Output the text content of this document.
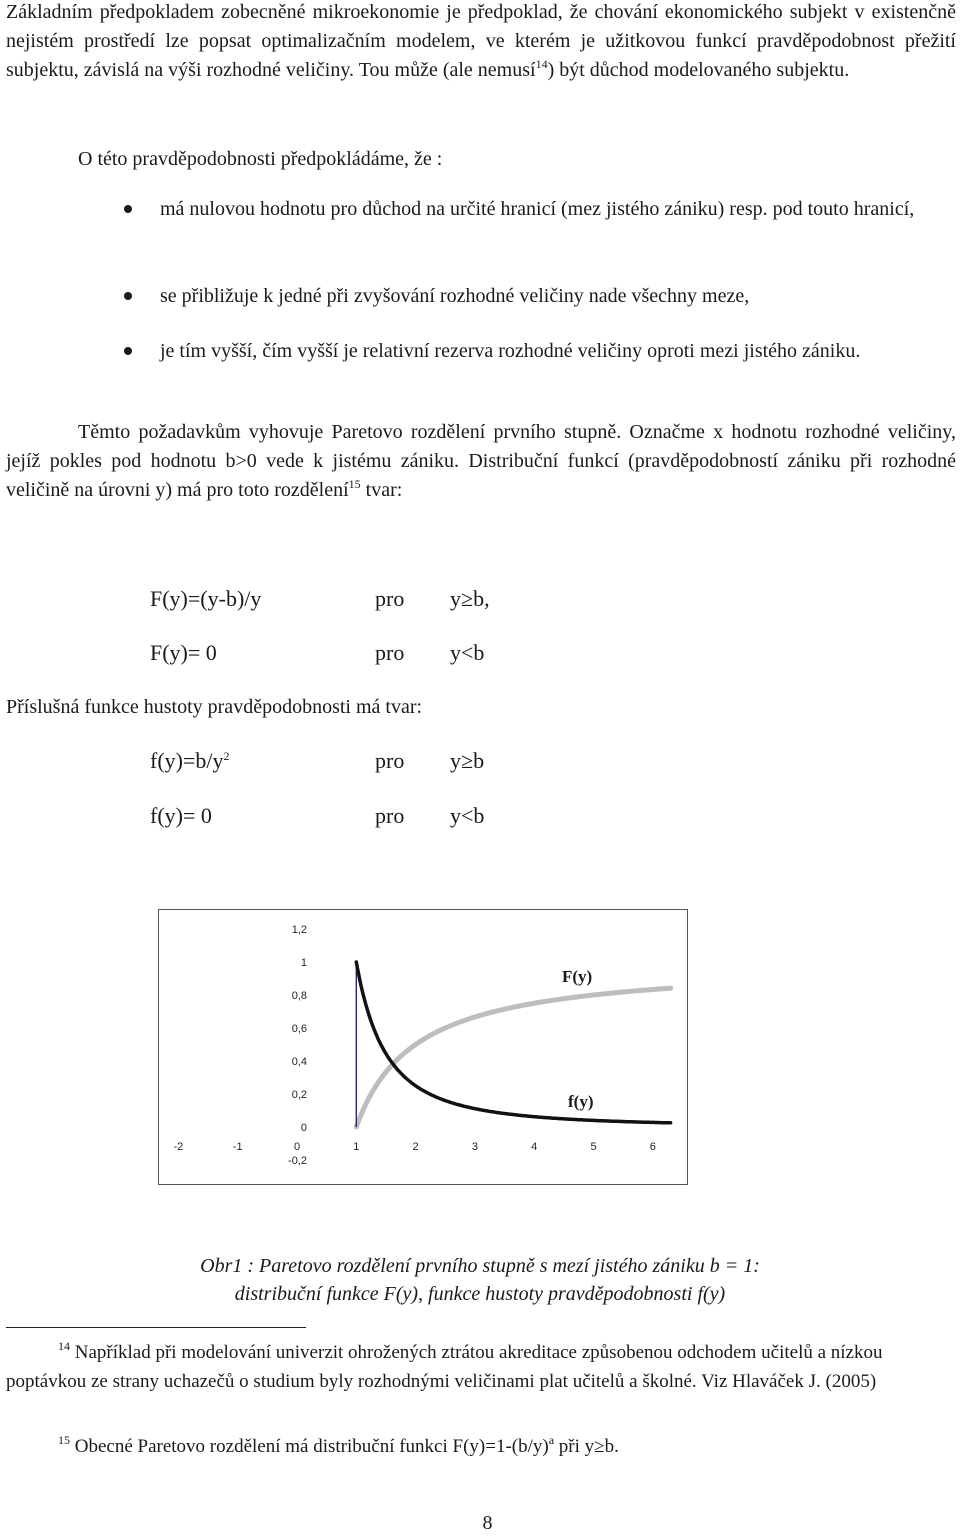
Základním předpokladem zobecněné mikroekonomie je předpoklad, že chování ekonomického subjekt v existenčně nejistém prostředí lze popsat optimalizačním modelem, ve kterém je užitkovou funkcí pravděpodobnost přežití subjektu, závislá na výši rozhodné veličiny. Tou může (ale nemusí$^{14}$) být důchod modelovaného subjektu.

O této pravděpodobnosti předpokládáme, že :

má nulovou hodnotu pro důchod na určité hranicí (mez jistého zániku) resp. pod touto hranicí,
se přibližuje k jedné při zvyšování rozhodné veličiny nade všechny meze,
je tím vyšší, čím vyšší je relativní rezerva rozhodné veličiny oproti mezi jistého zániku.

Těmto požadavkům vyhovuje Paretovo rozdělení prvního stupně. Označme x hodnotu rozhodné veličiny, jejíž pokles pod hodnotu b>0 vede k jistému zániku. Distribuční funkcí (pravděpodobností zániku při rozhodné veličině na úrovni y) má pro toto rozdělení$^{15}$ tvar:

F(y)=(y-b)/y	pro y≥b,
F(y)= 0	pro y<b

Příslušná funkce hustoty pravděpodobnosti má tvar:

$f(y)=b/y^2$	pro y≥b
f(y)= 0	pro y<b
1,2
1
0,8
0,6
0,4
0,2
0
-0,2
-2	-1	0	1	2	3	4	5	6
F(y)
f(y)
Obr1 : Paretovo rozdělení prvního stupně s mezí jistého zániku b = 1:
distribuční funkce F(y), funkce hustoty pravděpodobnosti f(y)
$^{14}$ Například při modelování univerzit ohrožených ztrátou akreditace způsobenou odchodem učitelů a nízkou poptávkou ze strany uchazečů o studium byly rozhodnými veličinami plat učitelů a školné. Viz Hlaváček J. (2005)
$^{15}$ Obecné Paretovo rozdělení má distribuční funkci $F(y)=1-(b/y)^a$ při y≥b.
8
